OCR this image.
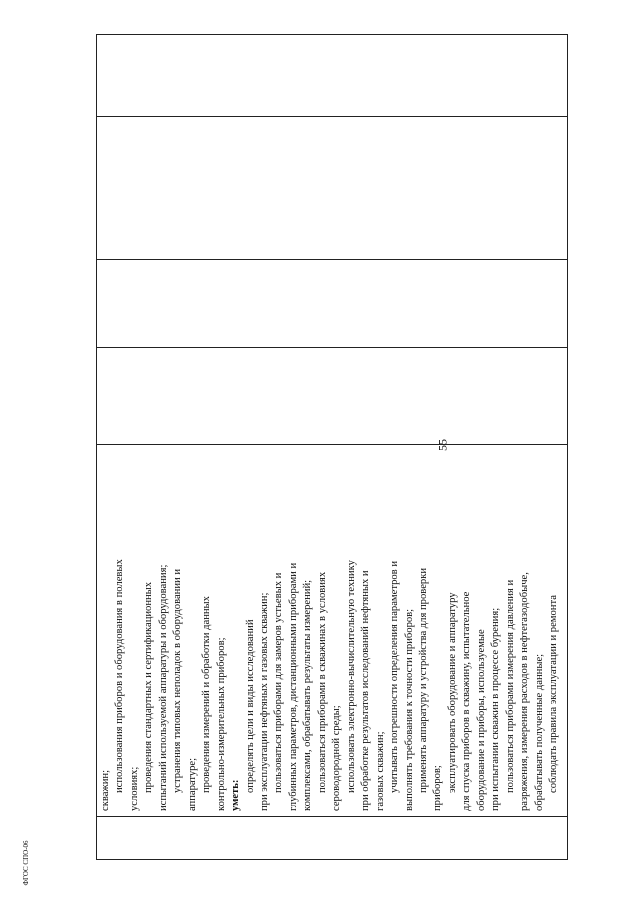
55

скважин; использования приборов и оборудования в полевых условиях; проведения стандартных и сертификационных испытаний используемой аппаратуры и оборудования; устранения типовых неполадок в оборудовании и аппаратуре; проведения измерений и обработки данных контрольно-измерительных приборов; уметь:

определять цели и виды исследований при эксплуатации нефтяных и газовых скважин; пользоваться приборами для замеров устьевых и глубинных параметров, дистанционными приборами и комплексами, обрабатывать результаты измерений; пользоваться приборами в скважинах в условиях сероводородной среды; использовать электронно-вычислительную технику при обработке результатов исследований нефтяных и газовых скважин; учитывать погрешности определения параметров и выполнять требования к точности приборов; применять аппаратуру и устройства для проверки приборов; эксплуатировать оборудование и аппаратуру для спуска приборов в скважину, испытательное оборудование и приборы, используемые при испытании скважин в процессе бурения; пользоваться приборами измерения давления и разряжения, измерения расходов в нефтегазодобыче, обрабатывать полученные данные; соблюдать правила эксплуатации и ремонта

ФГОС СПО-06
